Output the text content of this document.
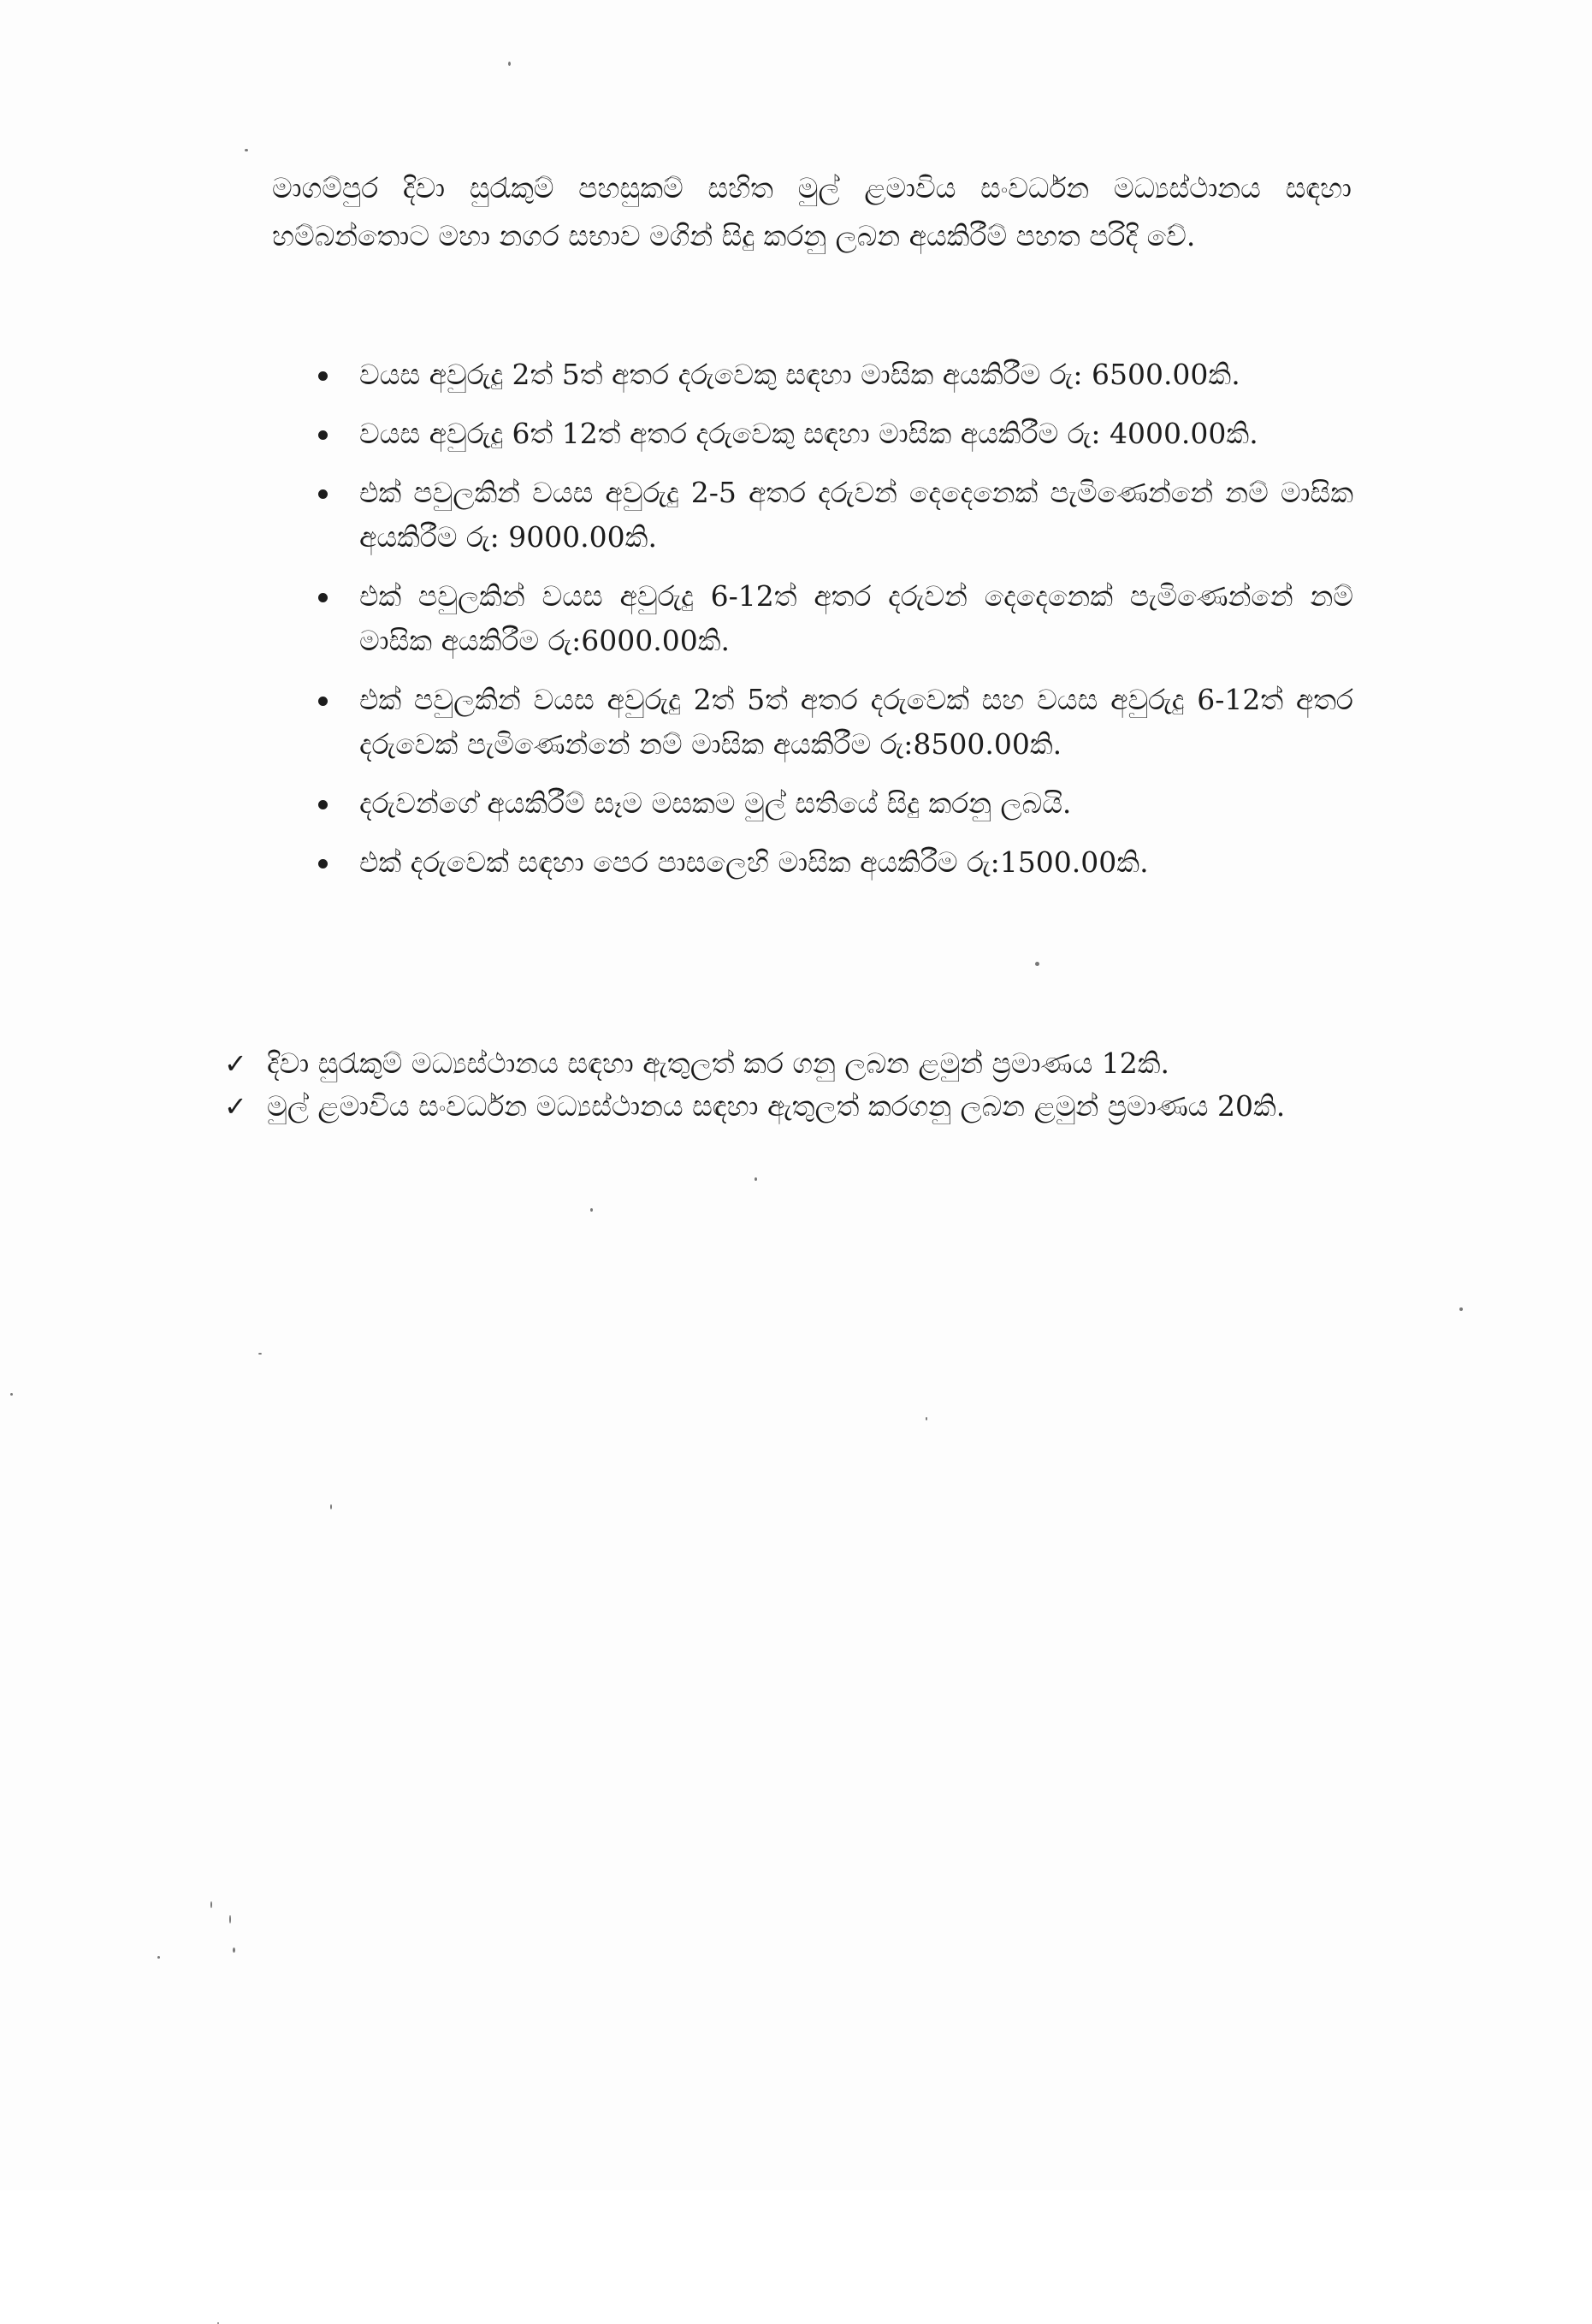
මාගම්පුර දිවා සුරැකුම් පහසුකම් සහිත මුල් ළමාවිය සංවර්ධන මධ්‍යස්ථානය සඳහා හම්බන්තොට මහා නගර සභාව මගින් සිදු කරනු ලබන අයකිරීම් පහත පරිදි වේ.

වයස අවුරුදු 2ත් 5ත් අතර දරුවෙකු සඳහා මාසික අයකිරීම රු: 6500.00කි.
වයස අවුරුදු 6ත් 12ත් අතර දරුවෙකු සඳහා මාසික අයකිරීම රු: 4000.00කි.
එක් පවුලකින් වයස අවුරුදු 2-5 අතර දරුවන් දෙදෙනෙක් පැමිණෙන්නේ නම් මාසික අයකිරීම රු: 9000.00කි.
එක් පවුලකින් වයස අවුරුදු 6-12ත් අතර දරුවන් දෙදෙනෙක් පැමිණෙන්නේ නම් මාසික අයකිරීම රු:6000.00කි.
එක් පවුලකින් වයස අවුරුදු 2ත් 5ත් අතර දරුවෙක් සහ වයස අවුරුදු 6-12ත් අතර දරුවෙක් පැමිණෙන්නේ නම් මාසික අයකිරීම රු:8500.00කි.
දරුවන්ගේ අයකිරීම් සෑම මසකම මුල් සතියේ සිදු කරනු ලබයි.
එක් දරුවෙක් සඳහා පෙර පාසලෙහි මාසික අයකිරීම රු:1500.00කි.
✓ දිවා සුරැකුම් මධ්‍යස්ථානය සඳහා ඇතුලත් කර ගනු ලබන ළමුන් ප්‍රමාණය 12කි.
✓ මුල් ළමාවිය සංවර්ධන මධ්‍යස්ථානය සඳහා ඇතුලත් කරගනු ලබන ළමුන් ප්‍රමාණය 20කි.
